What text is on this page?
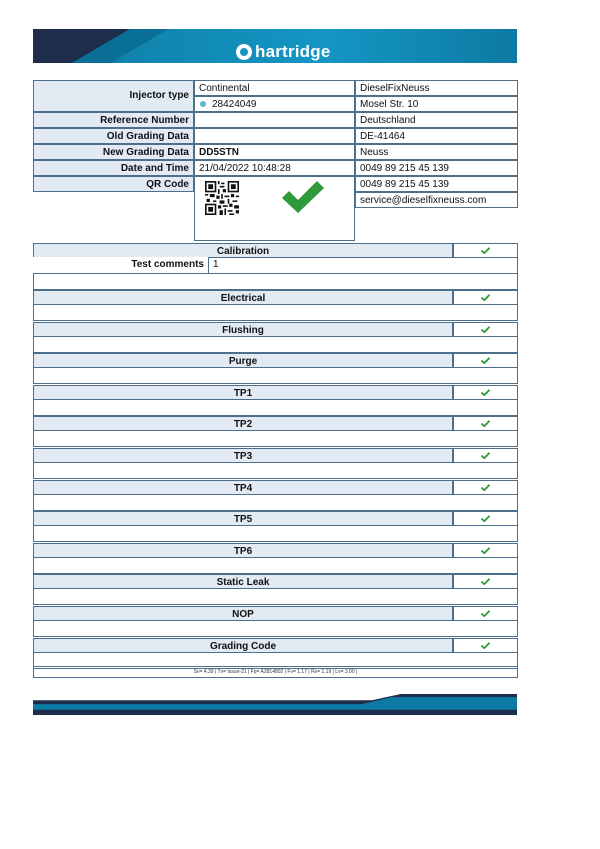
hartridge
Injector type
Continental
28424049
Reference Number
Old Grading Data
New Grading Data	DD5STN
Date and Time	21/04/2022 10:48:28
QR Code
DieselFixNeuss
Mosel Str. 10
Deutschland
DE-41464
Neuss
0049 89 215 45 139
0049 89 215 45 139
service@dieselfixneuss.com
Calibration
Test comments 1
Electrical
Flushing
Purge
TP1
TP2
TP3
TP4
TP5
TP6
Static Leak
NOP
Grading Code
Sv= 4.39 | Tv= Issue-31 | Fp= A2814802 | Fv= 1.17 | Rv= 1.19 | Lv= 3.00 |
